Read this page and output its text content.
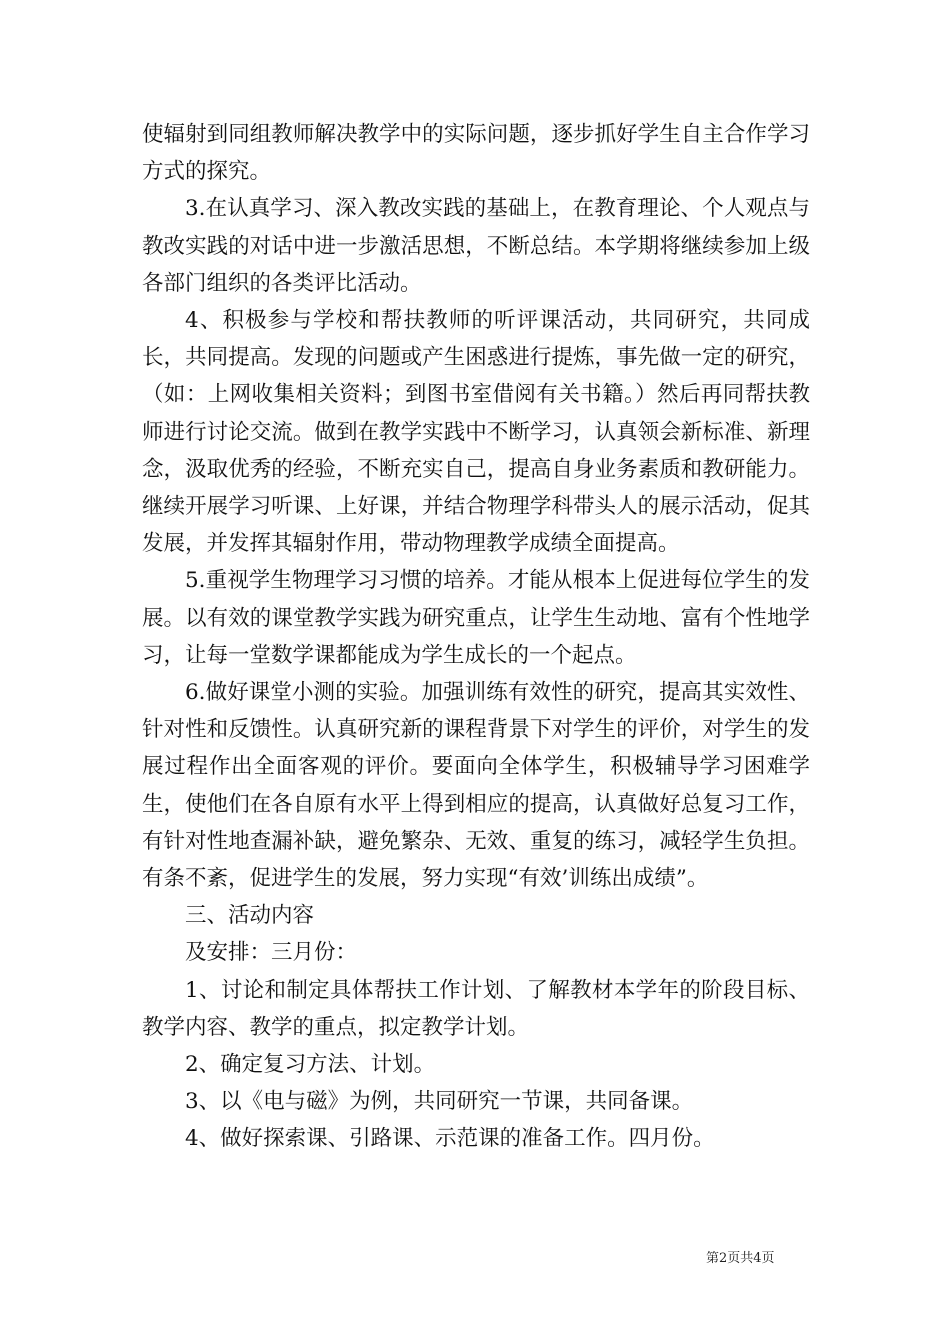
使辐射到同组教师解决教学中的实际问题，逐步抓好学生自主合作学习方式的探究。

3.在认真学习、深入教改实践的基础上，在教育理论、个人观点与教改实践的对话中进一步激活思想，不断总结。本学期将继续参加上级各部门组织的各类评比活动。

4、积极参与学校和帮扶教师的听评课活动，共同研究，共同成长，共同提高。发现的问题或产生困惑进行提炼，事先做一定的研究，（如：上网收集相关资料；到图书室借阅有关书籍。）然后再同帮扶教师进行讨论交流。做到在教学实践中不断学习，认真领会新标准、新理念，汲取优秀的经验，不断充实自己，提高自身业务素质和教研能力。继续开展学习听课、上好课，并结合物理学科带头人的展示活动，促其发展，并发挥其辐射作用，带动物理教学成绩全面提高。

5.重视学生物理学习习惯的培养。才能从根本上促进每位学生的发展。以有效的课堂教学实践为研究重点，让学生生动地、富有个性地学习，让每一堂数学课都能成为学生成长的一个起点。

6.做好课堂小测的实验。加强训练有效性的研究，提高其实效性、针对性和反馈性。认真研究新的课程背景下对学生的评价，对学生的发展过程作出全面客观的评价。要面向全体学生，积极辅导学习困难学生，使他们在各自原有水平上得到相应的提高，认真做好总复习工作，有针对性地查漏补缺，避免繁杂、无效、重复的练习，减轻学生负担。有条不紊，促进学生的发展，努力实现“有效’训练出成绩”。

三、活动内容

及安排：三月份：

1、讨论和制定具体帮扶工作计划、了解教材本学年的阶段目标、教学内容、教学的重点，拟定教学计划。

2、确定复习方法、计划。

3、以《电与磁》为例，共同研究一节课，共同备课。

4、做好探索课、引路课、示范课的准备工作。四月份。

第2页共4页
